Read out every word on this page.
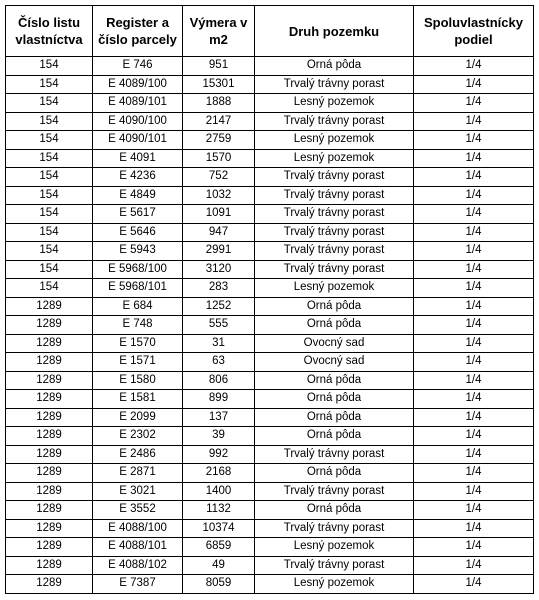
Číslo listu vlastníctva	Register a číslo parcely	Výmera v m2	Druh pozemku	Spoluvlastnícky podiel
154	E 746	951	Orná pôda	1/4
154	E 4089/100	15301	Trvalý trávny porast	1/4
154	E 4089/101	1888	Lesný pozemok	1/4
154	E 4090/100	2147	Trvalý trávny porast	1/4
154	E 4090/101	2759	Lesný pozemok	1/4
154	E 4091	1570	Lesný pozemok	1/4
154	E 4236	752	Trvalý trávny porast	1/4
154	E 4849	1032	Trvalý trávny porast	1/4
154	E 5617	1091	Trvalý trávny porast	1/4
154	E 5646	947	Trvalý trávny porast	1/4
154	E 5943	2991	Trvalý trávny porast	1/4
154	E 5968/100	3120	Trvalý trávny porast	1/4
154	E 5968/101	283	Lesný pozemok	1/4
1289	E 684	1252	Orná pôda	1/4
1289	E 748	555	Orná pôda	1/4
1289	E 1570	31	Ovocný sad	1/4
1289	E 1571	63	Ovocný sad	1/4
1289	E 1580	806	Orná pôda	1/4
1289	E 1581	899	Orná pôda	1/4
1289	E 2099	137	Orná pôda	1/4
1289	E 2302	39	Orná pôda	1/4
1289	E 2486	992	Trvalý trávny porast	1/4
1289	E 2871	2168	Orná pôda	1/4
1289	E 3021	1400	Trvalý trávny porast	1/4
1289	E 3552	1132	Orná pôda	1/4
1289	E 4088/100	10374	Trvalý trávny porast	1/4
1289	E 4088/101	6859	Lesný pozemok	1/4
1289	E 4088/102	49	Trvalý trávny porast	1/4
1289	E 7387	8059	Lesný pozemok	1/4
